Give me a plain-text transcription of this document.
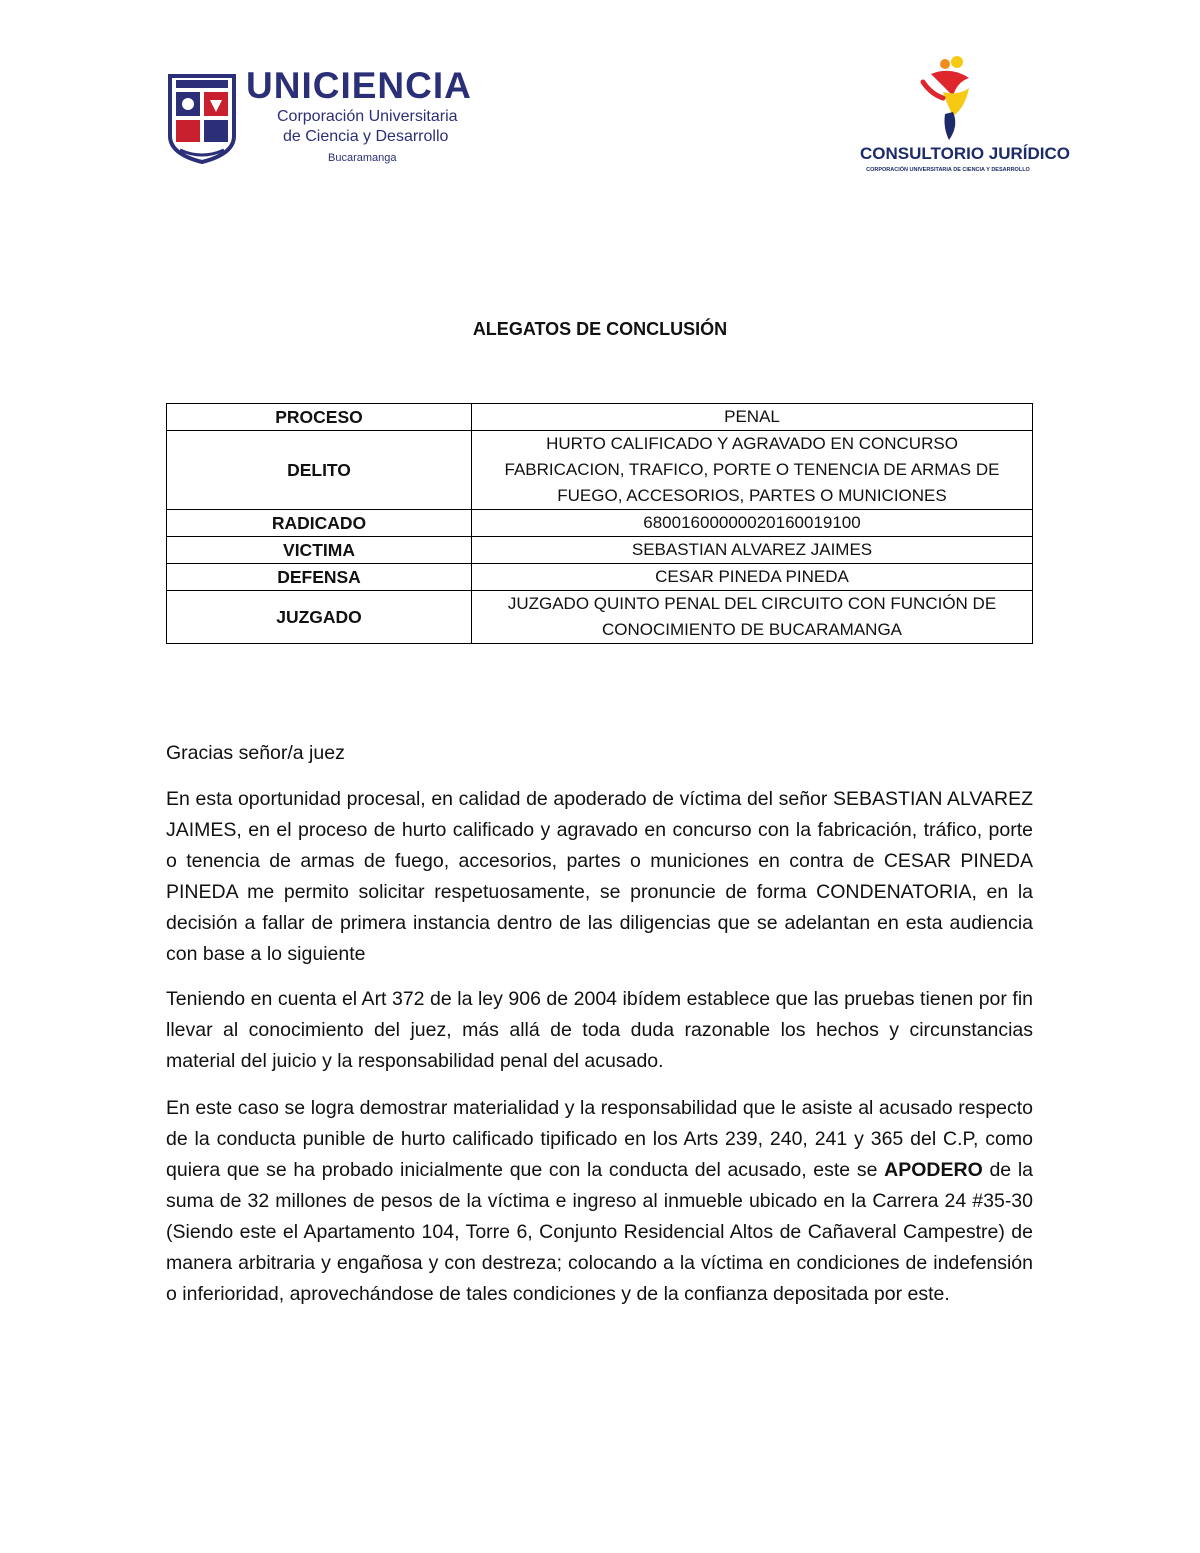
UNICIENCIA
Corporación Universitaria
de Ciencia y Desarrollo
Bucaramanga	CONSULTORIO JURÍDICO
CORPORACIÓN UNIVERSITARIA DE CIENCIA Y DESARROLLO
ALEGATOS DE CONCLUSIÓN
PROCESO	PENAL
DELITO	HURTO CALIFICADO Y AGRAVADO EN CONCURSO
FABRICACION, TRAFICO, PORTE O TENENCIA DE ARMAS DE
FUEGO, ACCESORIOS, PARTES O MUNICIONES

RADICADO	68001600000020160019100
VICTIMA	SEBASTIAN ALVAREZ JAIMES
DEFENSA	CESAR PINEDA PINEDA
JUZGADO	JUZGADO QUINTO PENAL DEL CIRCUITO CON FUNCIÓN DE
CONOCIMIENTO DE BUCARAMANGA
Gracias señor/a juez
En esta oportunidad procesal, en calidad de apoderado de víctima del señor SEBASTIAN ALVAREZ JAIMES, en el proceso de hurto calificado y agravado en concurso con la fabricación, tráfico, porte o tenencia de armas de fuego, accesorios, partes o municiones en contra de CESAR PINEDA PINEDA me permito solicitar respetuosamente, se pronuncie de forma CONDENATORIA, en la decisión a fallar de primera instancia dentro de las diligencias que se adelantan en esta audiencia con base a lo siguiente
Teniendo en cuenta el Art 372 de la ley 906 de 2004 ibídem establece que las pruebas tienen por fin llevar al conocimiento del juez, más allá de toda duda razonable los hechos y circunstancias material del juicio y la responsabilidad penal del acusado.
En este caso se logra demostrar materialidad y la responsabilidad que le asiste al acusado respecto de la conducta punible de hurto calificado tipificado en los Arts 239, 240, 241 y 365 del C.P, como quiera que se ha probado inicialmente que con la conducta del acusado, este se APODERO de la suma de 32 millones de pesos de la víctima e ingreso al inmueble ubicado en la Carrera 24 #35-30 (Siendo este el Apartamento 104, Torre 6, Conjunto Residencial Altos de Cañaveral Campestre) de manera arbitraria y engañosa y con destreza; colocando a la víctima en condiciones de indefensión o inferioridad, aprovechándose de tales condiciones y de la confianza depositada por este.
